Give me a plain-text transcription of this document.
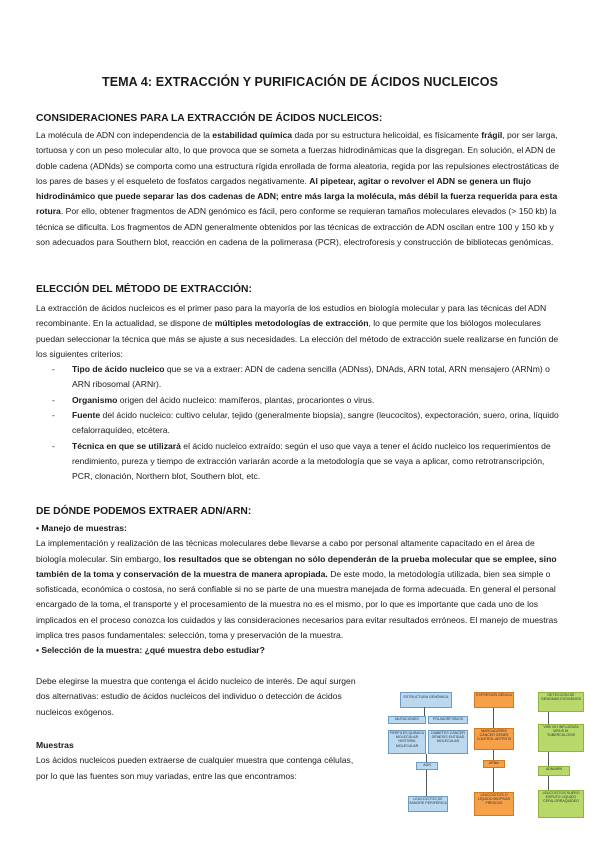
TEMA 4: EXTRACCIÓN Y PURIFICACIÓN DE ÁCIDOS NUCLEICOS
CONSIDERACIONES PARA LA EXTRACCIÓN DE ÁCIDOS NUCLEICOS:

La molécula de ADN con independencia de la estabilidad química dada por su estructura helicoidal, es físicamente frágil, por ser larga, tortuosa y con un peso molecular alto, lo que provoca que se someta a fuerzas hidrodinámicas que la disgregan. En solución, el ADN de doble cadena (ADNds) se comporta como una estructura rígida enrollada de forma aleatoria, regida por las repulsiones electrostáticas de los pares de bases y el esqueleto de fosfatos cargados negativamente. Al pipetear, agitar o revolver el ADN se genera un flujo hidrodinámico que puede separar las dos cadenas de ADN; entre más larga la molécula, más débil la fuerza requerida para esta rotura. Por ello, obtener fragmentos de ADN genómico es fácil, pero conforme se requieran tamaños moleculares elevados (> 150 kb) la técnica se dificulta. Los fragmentos de ADN generalmente obtenidos por las técnicas de extracción de ADN oscilan entre 100 y 150 kb y son adecuados para Southern blot, reacción en cadena de la polimerasa (PCR), electroforesis y construcción de bibliotecas genómicas.

ELECCIÓN DEL MÉTODO DE EXTRACCIÓN:

La extracción de ácidos nucleicos es el primer paso para la mayoría de los estudios en biología molecular y para las técnicas del ADN recombinante. En la actualidad, se dispone de múltiples metodologías de extracción, lo que permite que los biólogos moleculares puedan seleccionar la técnica que más se ajuste a sus necesidades. La elección del método de extracción suele realizarse en función de los siguientes criterios:

- Tipo de ácido nucleico que se va a extraer: ADN de cadena sencilla (ADNss), DNAds, ARN total, ARN mensajero (ARNm) o ARN ribosomal (ARNr).
- Organismo origen del ácido nucleico: mamíferos, plantas, procariontes o virus.
- Fuente del ácido nucleico: cultivo celular, tejido (generalmente biopsia), sangre (leucocitos), expectoración, suero, orina, líquido cefalorraquídeo, etcétera.
- Técnica en que se utilizará el ácido nucleico extraído: según el uso que vaya a tener el ácido nucleico los requerimientos de rendimiento, pureza y tiempo de extracción variarán acorde a la metodología que se vaya a aplicar, como retrotranscripción, PCR, clonación, Northern blot, Southern blot, etc.
DE DÓNDE PODEMOS EXTRAER ADN/ARN:

• Manejo de muestras:

La implementación y realización de las técnicas moleculares debe llevarse a cabo por personal altamente capacitado en el área de biología molecular. Sin embargo, los resultados que se obtengan no sólo dependerán de la prueba molecular que se emplee, sino también de la toma y conservación de la muestra de manera apropiada. De este modo, la metodología utilizada, bien sea simple o sofisticada, económica o costosa, no será confiable si no se parte de una muestra manejada de forma adecuada. En general el personal encargado de la toma, el transporte y el procesamiento de la muestra no es el mismo, por lo que es importante que cada uno de los implicados en el proceso conozca los cuidados y las consideraciones necesarios para evitar resultados erróneos. El manejo de muestras implica tres pasos fundamentales: selección, toma y preservación de la muestra.

• Selección de la muestra: ¿qué muestra debo estudiar?

Debe elegirse la muestra que contenga el ácido nucleico de interés. De aquí surgen dos alternativas: estudio de ácidos nucleicos del individuo o detección de ácidos nucleicos exógenos.

Muestras

Los ácidos nucleicos pueden extraerse de cualquier muestra que contenga células, por lo que las fuentes son muy variadas, entre las que encontramos:

ESTRUCTURA GENÓMICA
MUTACIONES	POLIMORFISMOS
PERFILES QUÍMICA MOLECULAR HISTORIA MOLECULAR
DIABETES CÁNCER GÉNESIS ENTIDAD MOLECULAR
ADN
LEUCOCITOS DE SANGRE PERIFÉRICA
EXPRESIÓN GÉNICA
MARCADORES CÁNCER GENES CONTROL ARTRITIS
ARNm
LEUCOCITOS O LÍQUIDO BIOPSIAS FRESCAS
DETECCIÓN DE GENOMAS EXÓGENOS
VHB VIH INFLUENZA VIRUS M. TUBERCULOSIS
ADN/ARN
LEUCOCITOS SUERO ESPUTO LÍQUIDO CEFALORRAQUÍDEO
